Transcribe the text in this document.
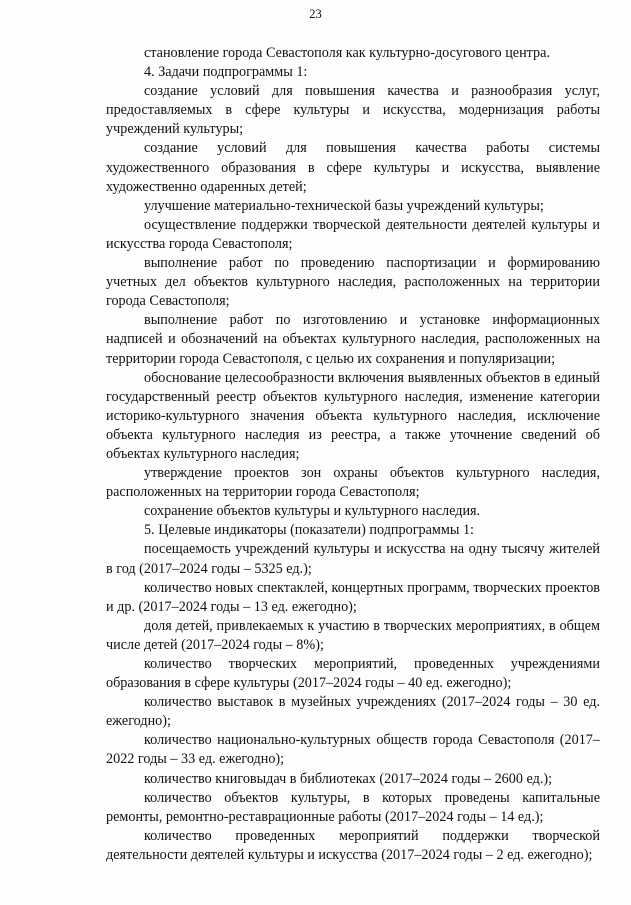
23

становление города Севастополя как культурно-досугового центра.

4. Задачи подпрограммы 1:

создание условий для повышения качества и разнообразия услуг, предоставляемых в сфере культуры и искусства, модернизация работы учреждений культуры;

создание условий для повышения качества работы системы художественного образования в сфере культуры и искусства, выявление художественно одаренных детей;

улучшение материально-технической базы учреждений культуры;

осуществление поддержки творческой деятельности деятелей культуры и искусства города Севастополя;

выполнение работ по проведению паспортизации и формированию учетных дел объектов культурного наследия, расположенных на территории города Севастополя;

выполнение работ по изготовлению и установке информационных надписей и обозначений на объектах культурного наследия, расположенных на территории города Севастополя, с целью их сохранения и популяризации;

обоснование целесообразности включения выявленных объектов в единый государственный реестр объектов культурного наследия, изменение категории историко-культурного значения объекта культурного наследия, исключение объекта культурного наследия из реестра, а также уточнение сведений об объектах культурного наследия;

утверждение проектов зон охраны объектов культурного наследия, расположенных на территории города Севастополя;

сохранение объектов культуры и культурного наследия.

5. Целевые индикаторы (показатели) подпрограммы 1:

посещаемость учреждений культуры и искусства на одну тысячу жителей в год (2017–2024 годы – 5325 ед.);

количество новых спектаклей, концертных программ, творческих проектов и др. (2017–2024 годы – 13 ед. ежегодно);

доля детей, привлекаемых к участию в творческих мероприятиях, в общем числе детей (2017–2024 годы – 8%);

количество творческих мероприятий, проведенных учреждениями образования в сфере культуры (2017–2024 годы – 40 ед. ежегодно);

количество выставок в музейных учреждениях (2017–2024 годы – 30 ед. ежегодно);

количество национально-культурных обществ города Севастополя (2017–2022 годы – 33 ед. ежегодно);

количество книговыдач в библиотеках (2017–2024 годы – 2600 ед.);

количество объектов культуры, в которых проведены капитальные ремонты, ремонтно-реставрационные работы (2017–2024 годы – 14 ед.);

количество проведенных мероприятий поддержки творческой деятельности деятелей культуры и искусства (2017–2024 годы – 2 ед. ежегодно);
